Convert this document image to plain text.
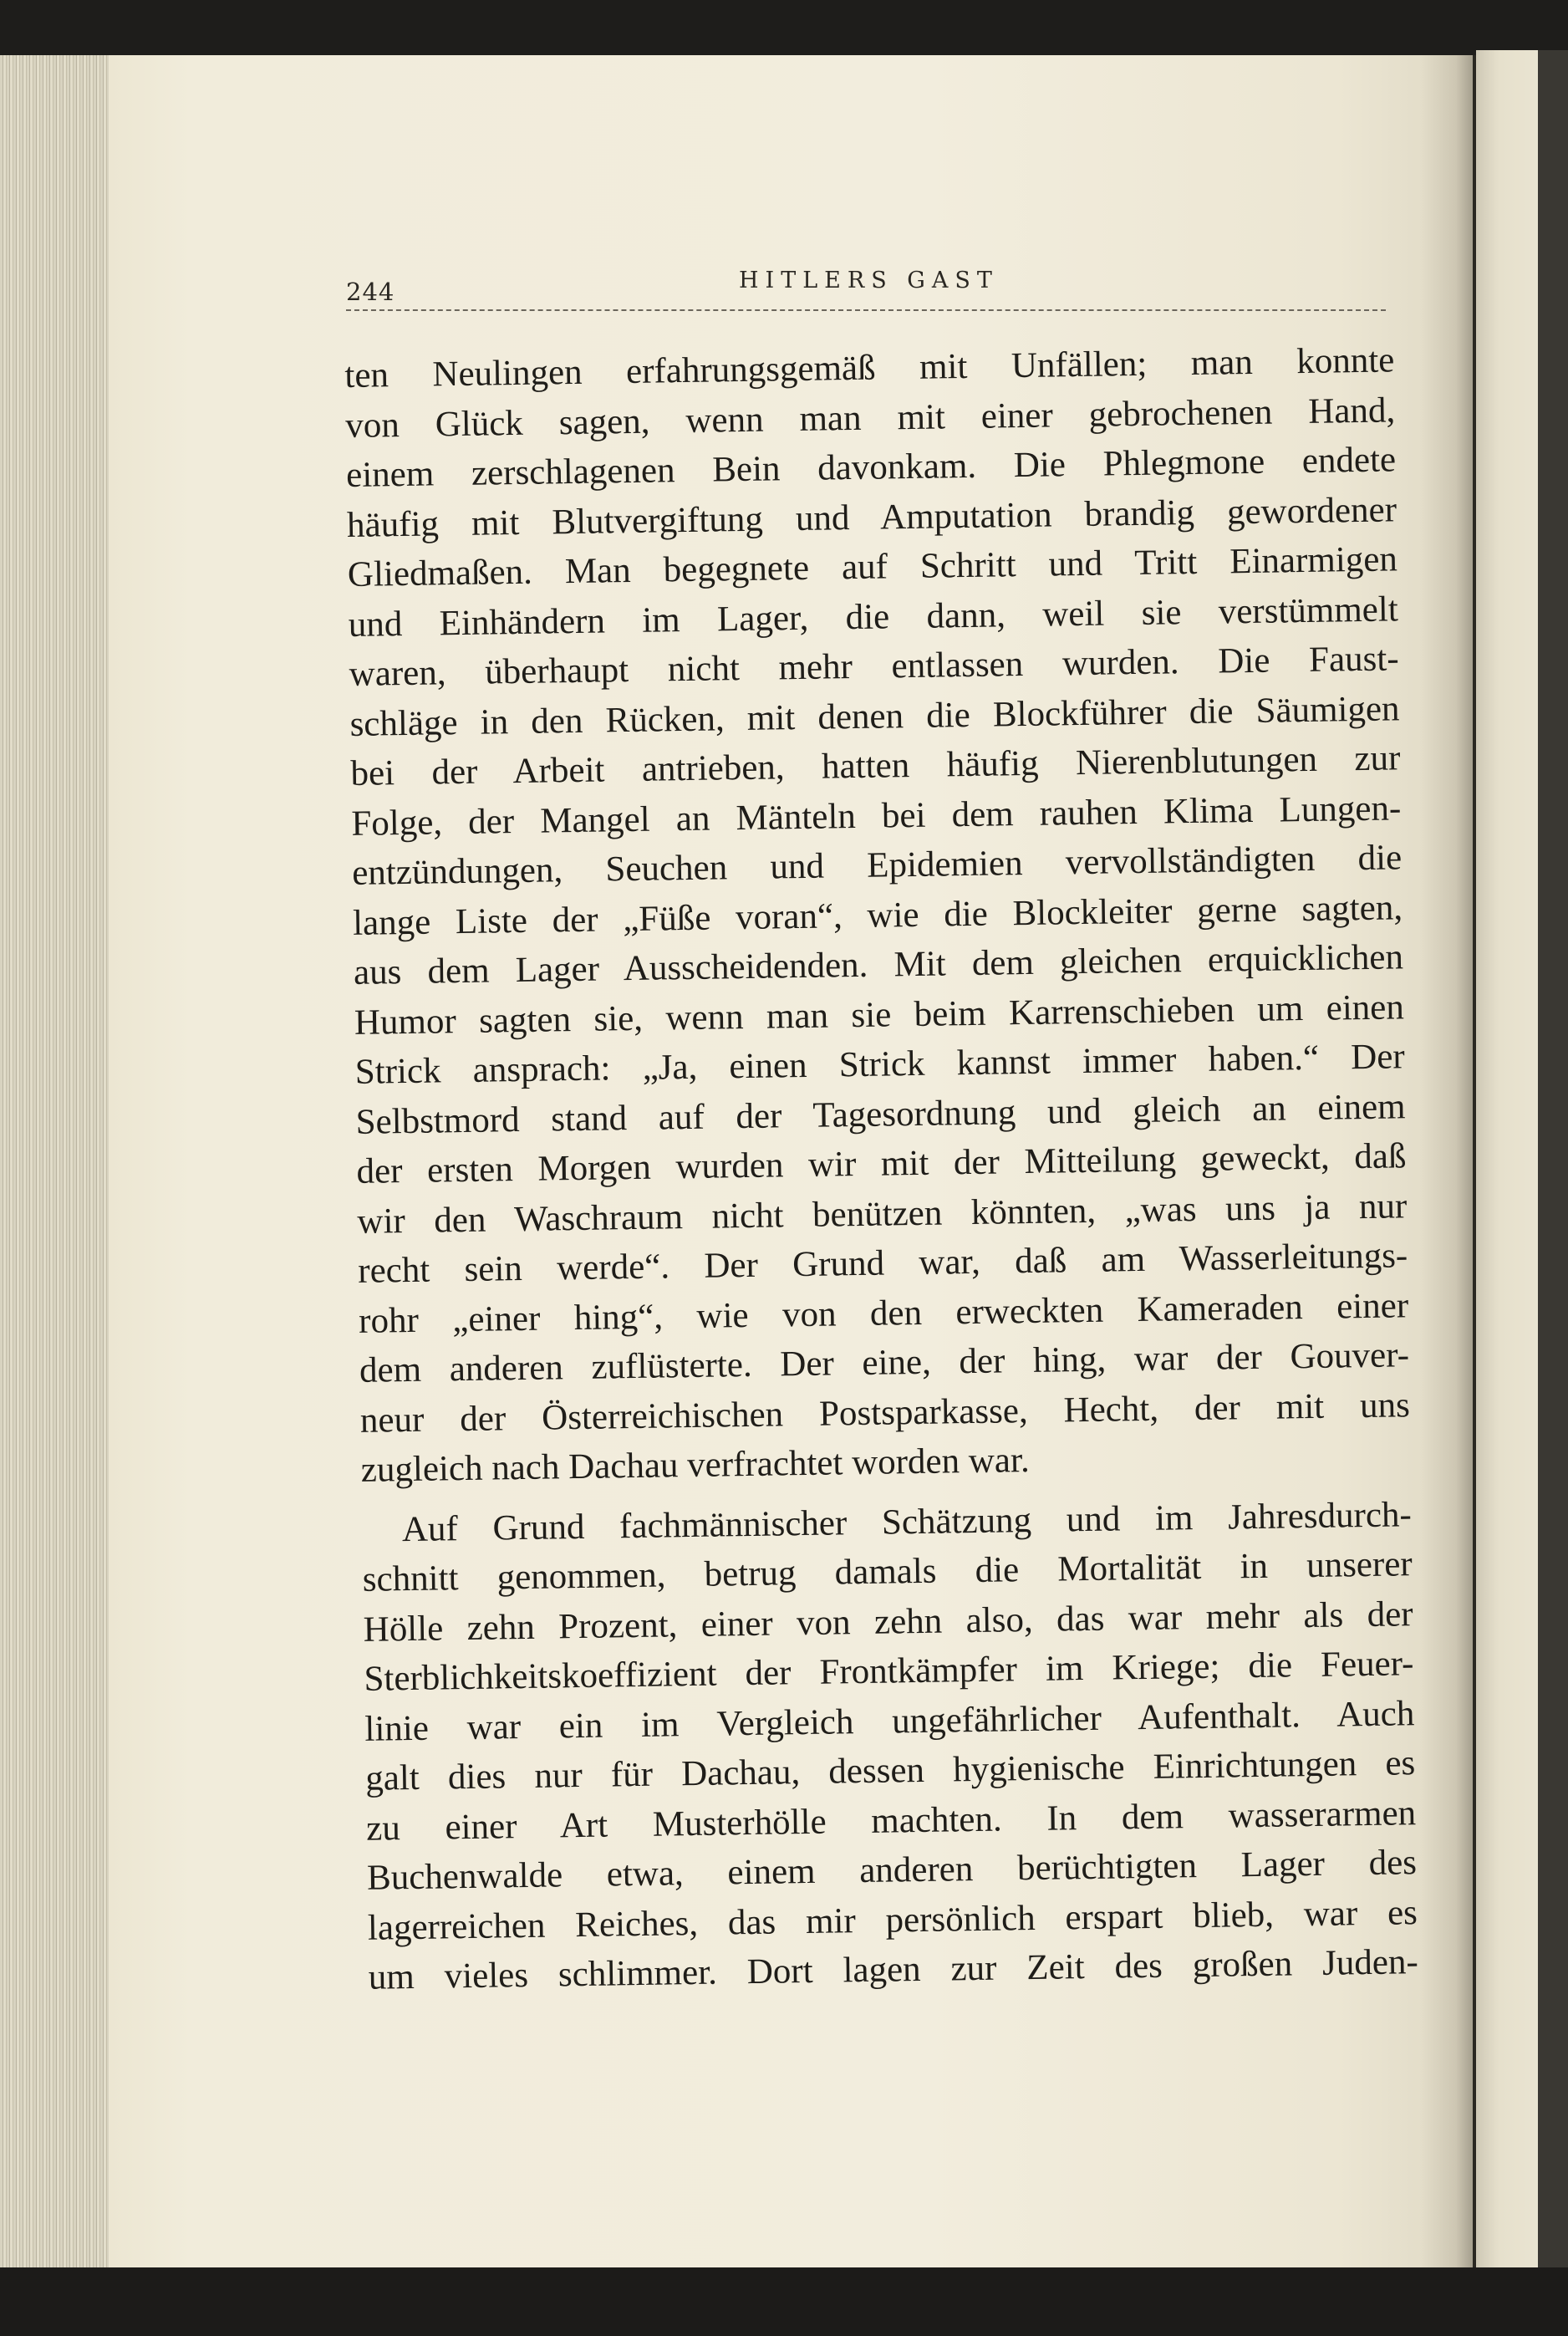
244	HITLERS GAST
ten Neulingen erfahrungsgemäß mit Unfällen; man konnte
von Glück sagen, wenn man mit einer gebrochenen Hand,
einem zerschlagenen Bein davonkam. Die Phlegmone endete
häufig mit Blutvergiftung und Amputation brandig gewordener
Gliedmaßen. Man begegnete auf Schritt und Tritt Einarmigen
und Einhändern im Lager, die dann, weil sie verstümmelt
waren, überhaupt nicht mehr entlassen wurden. Die Faust-
schläge in den Rücken, mit denen die Blockführer die Säumigen
bei der Arbeit antrieben, hatten häufig Nierenblutungen zur
Folge, der Mangel an Mänteln bei dem rauhen Klima Lungen-
entzündungen, Seuchen und Epidemien vervollständigten die
lange Liste der „Füße voran“, wie die Blockleiter gerne sagten,
aus dem Lager Ausscheidenden. Mit dem gleichen erquicklichen
Humor sagten sie, wenn man sie beim Karrenschieben um einen
Strick ansprach: „Ja, einen Strick kannst immer haben.“ Der
Selbstmord stand auf der Tagesordnung und gleich an einem
der ersten Morgen wurden wir mit der Mitteilung geweckt, daß
wir den Waschraum nicht benützen könnten, „was uns ja nur
recht sein werde“. Der Grund war, daß am Wasserleitungs-
rohr „einer hing“, wie von den erweckten Kameraden einer
dem anderen zuflüsterte. Der eine, der hing, war der Gouver-
neur der Österreichischen Postsparkasse, Hecht, der mit uns
zugleich nach Dachau verfrachtet worden war.
Auf Grund fachmännischer Schätzung und im Jahresdurch-
schnitt genommen, betrug damals die Mortalität in unserer
Hölle zehn Prozent, einer von zehn also, das war mehr als der
Sterblichkeitskoeffizient der Frontkämpfer im Kriege; die Feuer-
linie war ein im Vergleich ungefährlicher Aufenthalt. Auch
galt dies nur für Dachau, dessen hygienische Einrichtungen es
zu einer Art Musterhölle machten. In dem wasserarmen
Buchenwalde etwa, einem anderen berüchtigten Lager des
lagerreichen Reiches, das mir persönlich erspart blieb, war es
um vieles schlimmer. Dort lagen zur Zeit des großen Juden-
